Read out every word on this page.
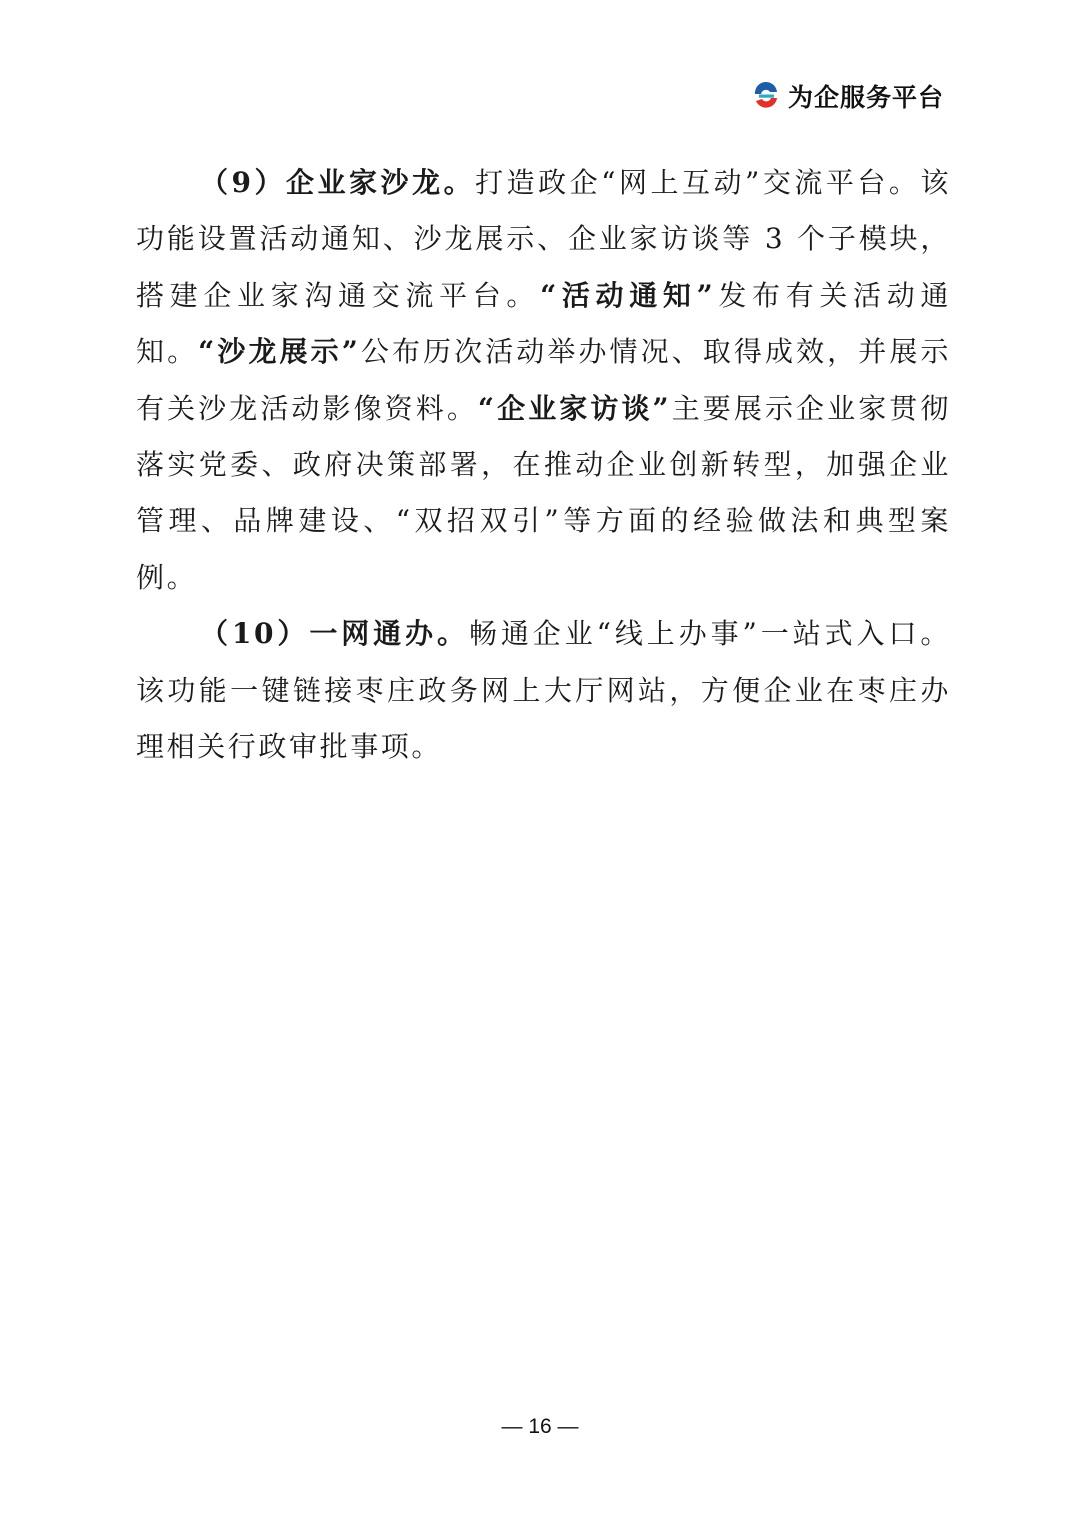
为企服务平台

（9）企业家沙龙。打造政企“网上互动”交流平台。该功能设置活动通知、沙龙展示、企业家访谈等 3 个子模块，搭建企业家沟通交流平台。“活动通知”发布有关活动通知。“沙龙展示”公布历次活动举办情况、取得成效，并展示有关沙龙活动影像资料。“企业家访谈”主要展示企业家贯彻落实党委、政府决策部署，在推动企业创新转型，加强企业管理、品牌建设、“双招双引”等方面的经验做法和典型案例。

（10）一网通办。畅通企业“线上办事”一站式入口。该功能一键链接枣庄政务网上大厅网站，方便企业在枣庄办理相关行政审批事项。

— 16 —
